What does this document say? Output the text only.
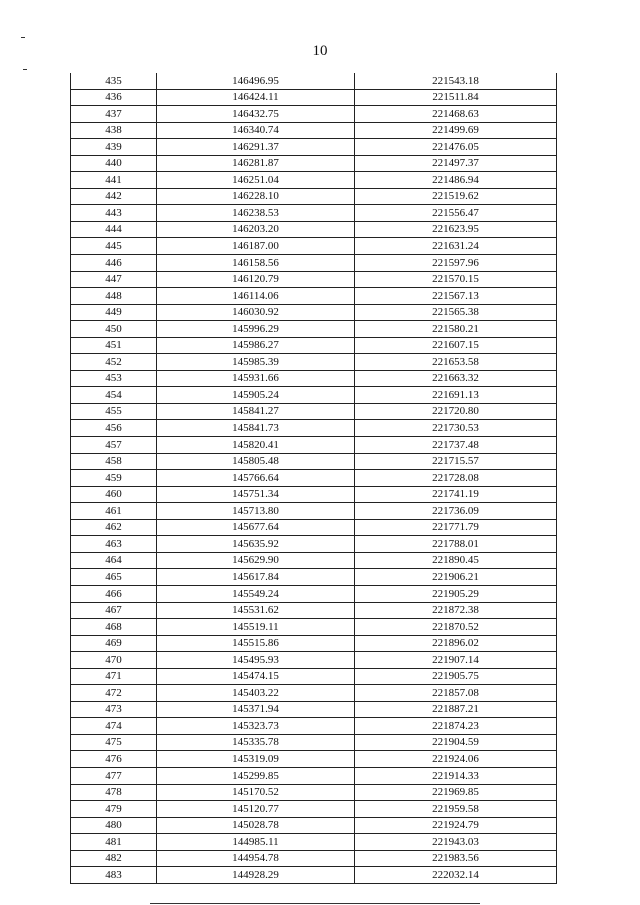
10
435	146496.95	221543.18
436	146424.11	221511.84
437	146432.75	221468.63
438	146340.74	221499.69
439	146291.37	221476.05
440	146281.87	221497.37
441	146251.04	221486.94
442	146228.10	221519.62
443	146238.53	221556.47
444	146203.20	221623.95
445	146187.00	221631.24
446	146158.56	221597.96
447	146120.79	221570.15
448	146114.06	221567.13
449	146030.92	221565.38
450	145996.29	221580.21
451	145986.27	221607.15
452	145985.39	221653.58
453	145931.66	221663.32
454	145905.24	221691.13
455	145841.27	221720.80
456	145841.73	221730.53
457	145820.41	221737.48
458	145805.48	221715.57
459	145766.64	221728.08
460	145751.34	221741.19
461	145713.80	221736.09
462	145677.64	221771.79
463	145635.92	221788.01
464	145629.90	221890.45
465	145617.84	221906.21
466	145549.24	221905.29
467	145531.62	221872.38
468	145519.11	221870.52
469	145515.86	221896.02
470	145495.93	221907.14
471	145474.15	221905.75
472	145403.22	221857.08
473	145371.94	221887.21
474	145323.73	221874.23
475	145335.78	221904.59
476	145319.09	221924.06
477	145299.85	221914.33
478	145170.52	221969.85
479	145120.77	221959.58
480	145028.78	221924.79
481	144985.11	221943.03
482	144954.78	221983.56
483	144928.29	222032.14
